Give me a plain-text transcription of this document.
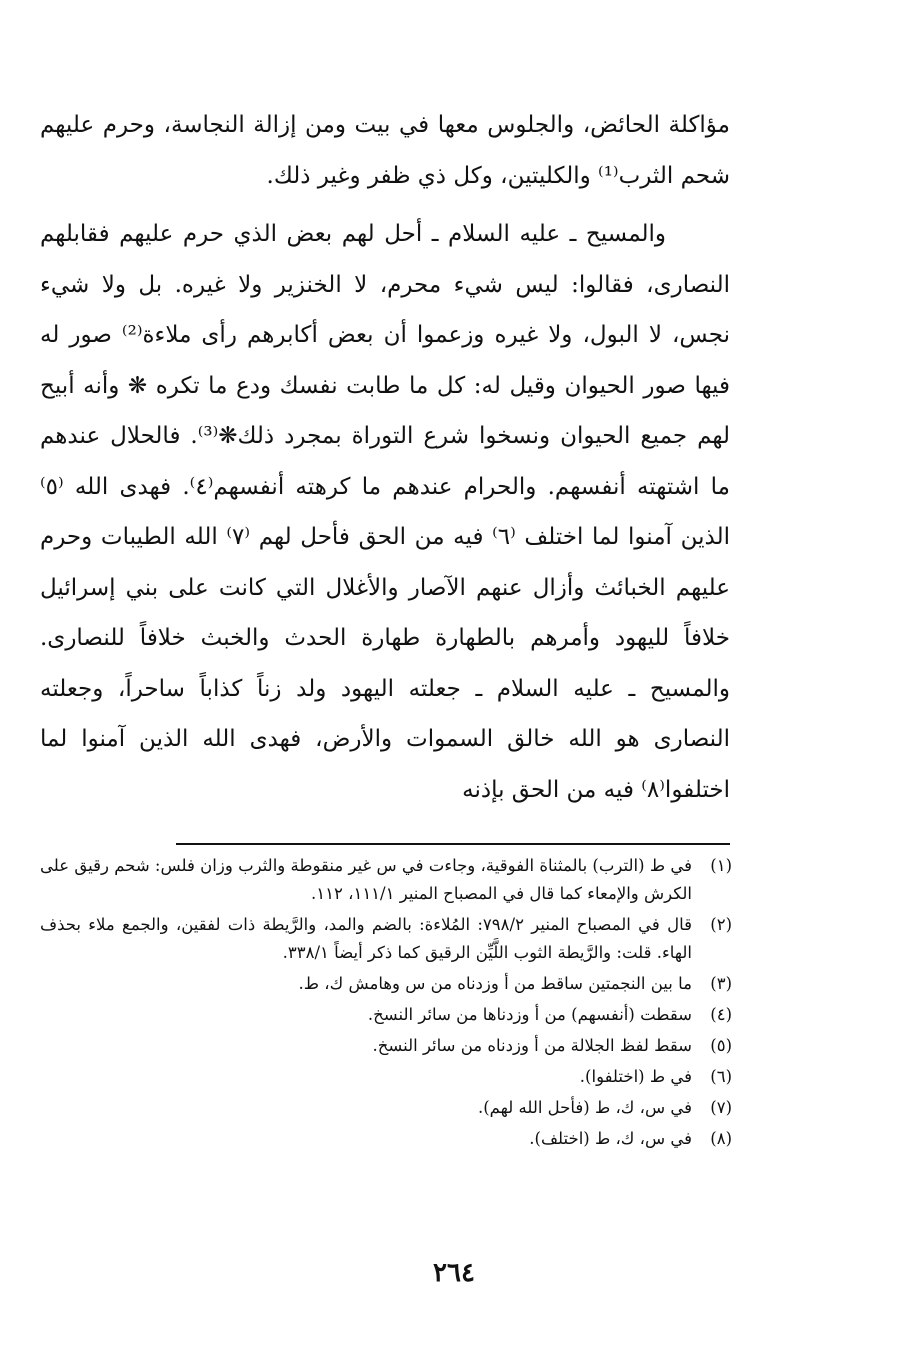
مؤاكلة الحائض، والجلوس معها في بيت ومن إزالة النجاسة، وحرم عليهم شحم الثرب⁽¹⁾ والكليتين، وكل ذي ظفر وغير ذلك.

والمسيح ـ عليه السلام ـ أحل لهم بعض الذي حرم عليهم فقابلهم النصارى، فقالوا: ليس شيء محرم، لا الخنزير ولا غيره. بل ولا شيء نجس، لا البول، ولا غيره وزعموا أن بعض أكابرهم رأى ملاءة⁽²⁾ صور له فيها صور الحيوان وقيل له: كل ما طابت نفسك ودع ما تكره ❋ وأنه أبيح لهم جميع الحيوان ونسخوا شرع التوراة بمجرد ذلك❋⁽³⁾. فالحلال عندهم ما اشتهته أنفسهم. والحرام عندهم ما كرهته أنفسهم⁽٤⁾. فهدى الله ⁽٥⁾ الذين آمنوا لما اختلف ⁽٦⁾ فيه من الحق فأحل لهم ⁽٧⁾ الله الطيبات وحرم عليهم الخبائث وأزال عنهم الآصار والأغلال التي كانت على بني إسرائيل خلافاً لليهود وأمرهم بالطهارة طهارة الحدث والخبث خلافاً للنصارى. والمسيح ـ عليه السلام ـ جعلته اليهود ولد زناً كذاباً ساحراً، وجعلته النصارى هو الله خالق السموات والأرض، فهدى الله الذين آمنوا لما اختلفوا⁽٨⁾ فيه من الحق بإذنه

(١)
في ط (الترب) بالمثناة الفوقية، وجاءت في س غير منقوطة والثرب وزان فلس: شحم رقيق على الكرش والإمعاء كما قال في المصباح المنير ١١١/١، ١١٢.
(٢)
قال في المصباح المنير ٧٩٨/٢: المُلاءة: بالضم والمد، والرَّيطة ذات لفقين، والجمع ملاء بحذف الهاء. قلت: والرَّيطة الثوب اللَّيِّن الرقيق كما ذكر أيضاً ٣٣٨/١.
(٣)
ما بين النجمتين ساقط من أ وزدناه من س وهامش ك، ط.
(٤)
سقطت (أنفسهم) من أ وزدناها من سائر النسخ.
(٥)
سقط لفظ الجلالة من أ وزدناه من سائر النسخ.
(٦)
في ط (اختلفوا).
(٧)
في س، ك، ط (فأحل الله لهم).
(٨)
في س، ك، ط (اختلف).
٢٦٤
